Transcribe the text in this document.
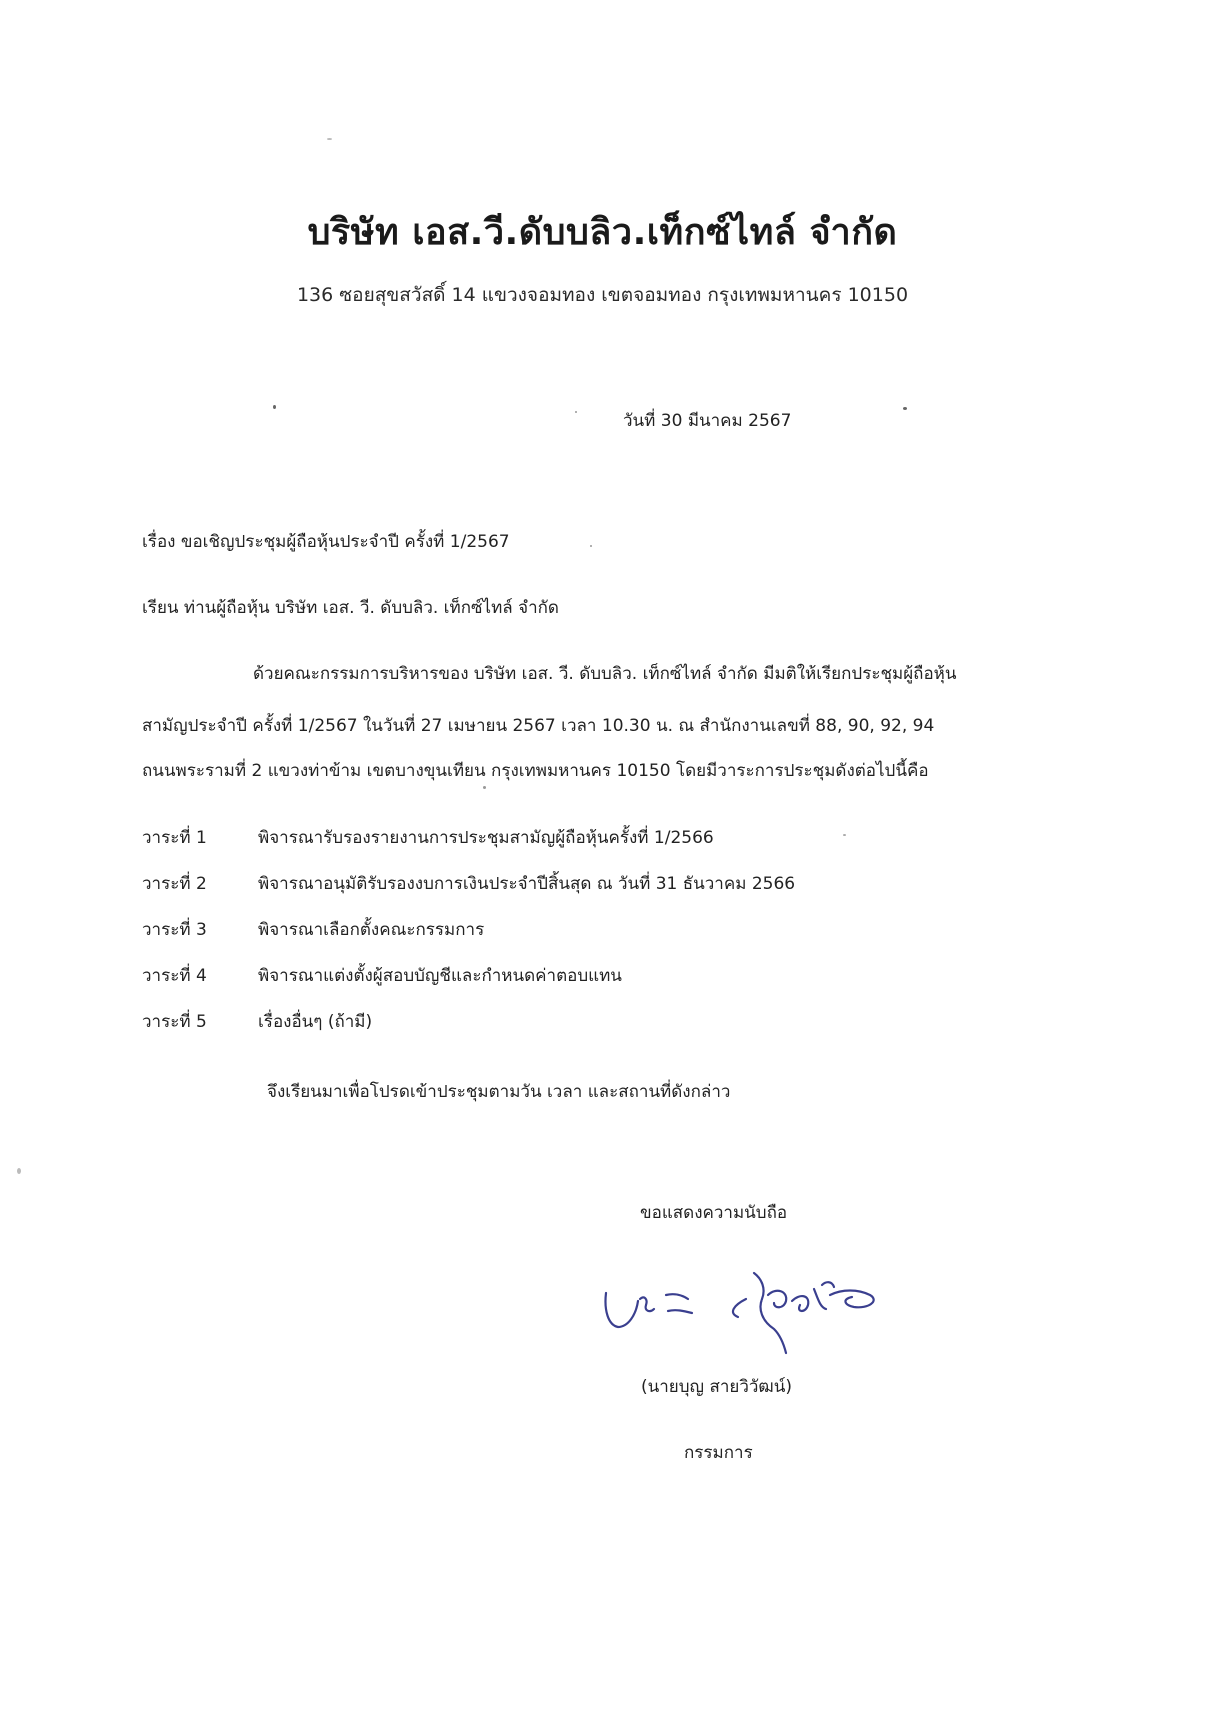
บริษัท เอส.วี.ดับบลิว.เท็กซ์ไทล์ จำกัด
136 ซอยสุขสวัสดิ์ 14 แขวงจอมทอง เขตจอมทอง กรุงเทพมหานคร 10150
วันที่ 30 มีนาคม 2567
เรื่อง ขอเชิญประชุมผู้ถือหุ้นประจำปี ครั้งที่ 1/2567
เรียน ท่านผู้ถือหุ้น บริษัท เอส. วี. ดับบลิว. เท็กซ์ไทล์ จำกัด
ด้วยคณะกรรมการบริหารของ บริษัท เอส. วี. ดับบลิว. เท็กซ์ไทล์ จำกัด มีมติให้เรียกประชุมผู้ถือหุ้น
สามัญประจำปี ครั้งที่ 1/2567 ในวันที่ 27 เมษายน 2567 เวลา 10.30 น. ณ สำนักงานเลขที่ 88, 90, 92, 94
ถนนพระรามที่ 2 แขวงท่าข้าม เขตบางขุนเทียน กรุงเทพมหานคร 10150 โดยมีวาระการประชุมดังต่อไปนี้คือ
วาระที่ 1	พิจารณารับรองรายงานการประชุมสามัญผู้ถือหุ้นครั้งที่ 1/2566
วาระที่ 2	พิจารณาอนุมัติรับรองงบการเงินประจำปีสิ้นสุด ณ วันที่ 31 ธันวาคม 2566
วาระที่ 3	พิจารณาเลือกตั้งคณะกรรมการ
วาระที่ 4	พิจารณาแต่งตั้งผู้สอบบัญชีและกำหนดค่าตอบแทน
วาระที่ 5	เรื่องอื่นๆ (ถ้ามี)
จึงเรียนมาเพื่อโปรดเข้าประชุมตามวัน เวลา และสถานที่ดังกล่าว
ขอแสดงความนับถือ
(นายบุญ สายวิวัฒน์)
กรรมการ
